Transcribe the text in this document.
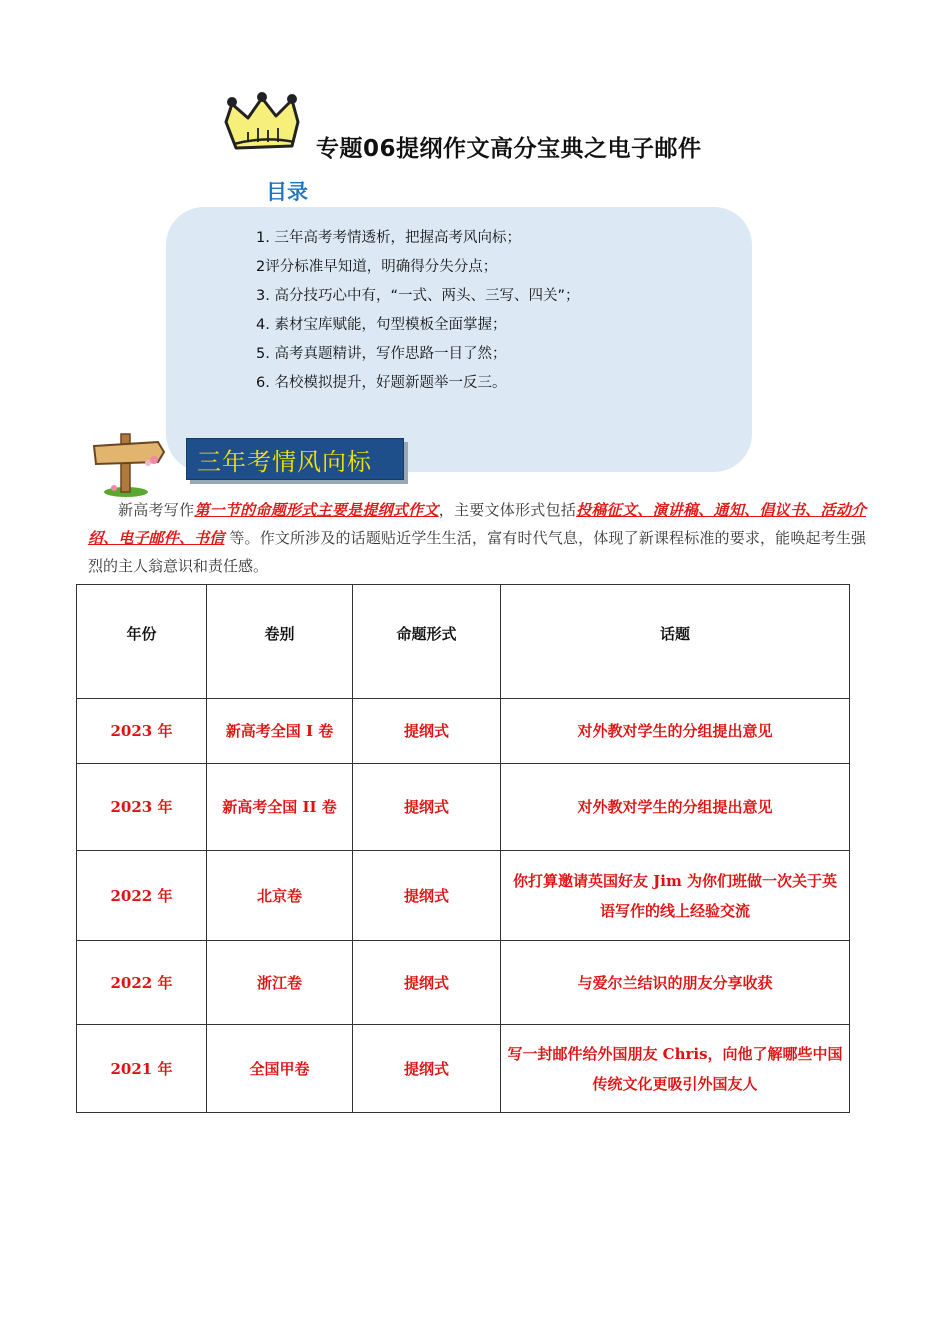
专题06提纲作文高分宝典之电子邮件
目录
1. 三年高考考情透析，把握高考风向标；
2评分标准早知道，明确得分失分点；
3. 高分技巧心中有，“一式、两头、三写、四关”；
4. 素材宝库赋能，句型模板全面掌握；
5. 高考真题精讲，写作思路一目了然；
6. 名校模拟提升，好题新题举一反三。
三年考情风向标

新高考写作第一节的命题形式主要是提纲式作文，主要文体形式包括投稿征文、演讲稿、通知、倡议书、活动介绍、电子邮件、书信 等。作文所涉及的话题贴近学生生活，富有时代气息，体现了新课程标准的要求，能唤起考生强烈的主人翁意识和责任感。

年份	卷别	命题形式	话题
2023 年	新高考全国 I 卷	提纲式	对外教对学生的分组提出意见
2023 年	新高考全国 II 卷	提纲式	对外教对学生的分组提出意见
2022 年	北京卷	提纲式	你打算邀请英国好友 Jim 为你们班做一次关于英语写作的线上经验交流
2022 年	浙江卷	提纲式	与爱尔兰结识的朋友分享收获
2021 年	全国甲卷	提纲式	写一封邮件给外国朋友 Chris，向他了解哪些中国传统文化更吸引外国友人
